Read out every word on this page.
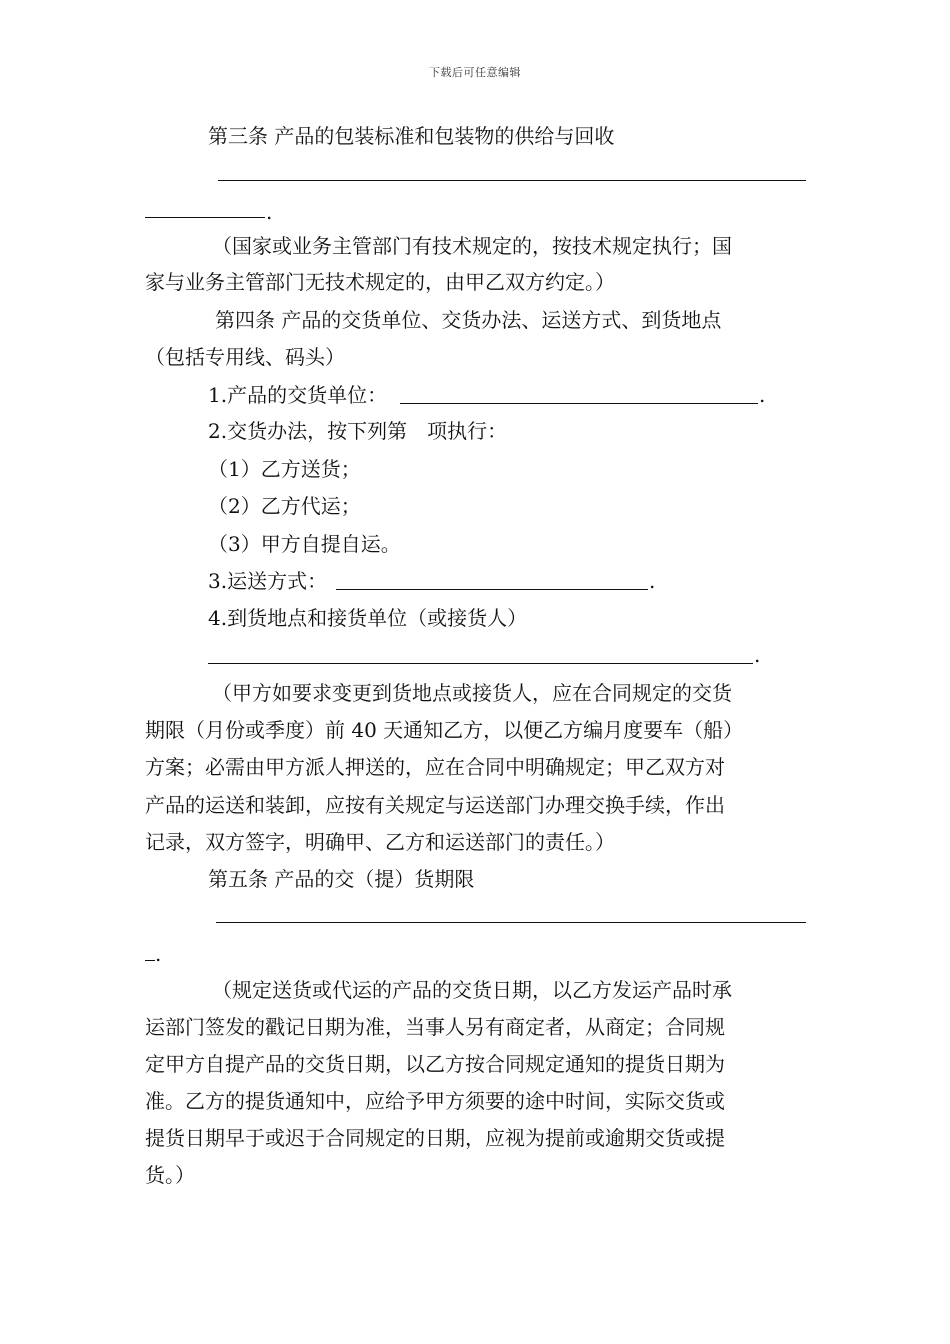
下载后可任意编辑
第三条 产品的包装标准和包装物的供给与回收
.
（国家或业务主管部门有技术规定的，按技术规定执行；国
家与业务主管部门无技术规定的，由甲乙双方约定。）
第四条 产品的交货单位、交货办法、运送方式、到货地点
（包括专用线、码头）
1.产品的交货单位：	.
2.交货办法，按下列第　项执行：
（1）乙方送货；
（2）乙方代运；
（3）甲方自提自运。
3.运送方式：	.
4.到货地点和接货单位（或接货人）
.
（甲方如要求变更到货地点或接货人，应在合同规定的交货
期限（月份或季度）前 40 天通知乙方，以便乙方编月度要车（船）
方案；必需由甲方派人押送的，应在合同中明确规定；甲乙双方对
产品的运送和装卸，应按有关规定与运送部门办理交换手续，作出
记录，双方签字，明确甲、乙方和运送部门的责任。）
第五条 产品的交（提）货期限
.
（规定送货或代运的产品的交货日期，以乙方发运产品时承
运部门签发的戳记日期为准，当事人另有商定者，从商定；合同规
定甲方自提产品的交货日期，以乙方按合同规定通知的提货日期为
准。乙方的提货通知中，应给予甲方须要的途中时间，实际交货或
提货日期早于或迟于合同规定的日期，应视为提前或逾期交货或提
货。）
